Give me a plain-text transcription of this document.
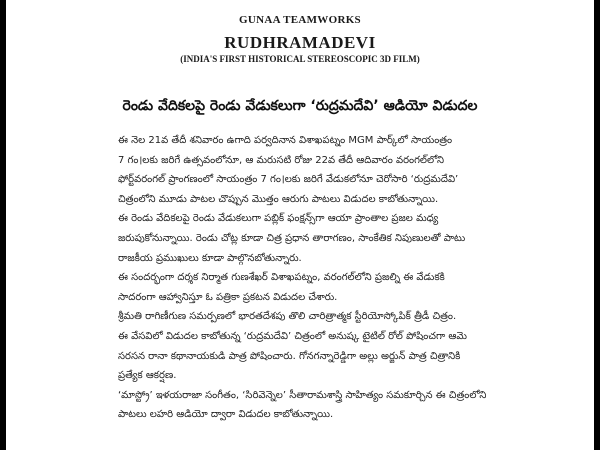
GUNAA TEAMWORKS
RUDHRAMADEVI
(INDIA'S FIRST HISTORICAL STEREOSCOPIC 3D FILM)
రెండు వేదికలపై రెండు వేడుకలుగా ‘రుద్రమదేవి’ ఆడియో విడుదల
ఈ నెల 21వ తేదీ శనివారం ఉగాది పర్వదినాన విశాఖపట్నం MGM పార్క్‌లో సాయంత్రం
7 గం।లకు జరిగే ఉత్సవంలోనూ, ఆ మరుసటి రోజు 22వ తేదీ ఆదివారం వరంగల్‌లోని
ఫోర్ట్‌వరంగల్ ప్రాంగణంలో సాయంత్రం 7 గం।లకు జరిగే వేడుకలోనూ చెరోసారి ‘రుద్రమదేవి’
చిత్రంలోని మూడు పాటల చొప్పున మొత్తం ఆరుగు పాటలు విడుదల కాబోతున్నాయి.
ఈ రెండు వేదికలపై రెండు వేడుకలుగా పబ్లిక్ ఫంక్షన్స్‌గా ఆయా ప్రాంతాల ప్రజల మధ్య
జరుపుకోనున్నాయి. రెండు చోట్ల కూడా చిత్ర ప్రధాన తారాగణం, సాంకేతిక నిపుణులతో పాటు
రాజకీయ ప్రముఖులు కూడా పాల్గొనబోతున్నారు.
ఈ సందర్భంగా దర్శక నిర్మాత గుణశేఖర్ విశాఖపట్నం, వరంగల్‌లోని ప్రజల్ని ఈ వేడుకకి
సాదరంగా ఆహ్వానిస్తూ ఓ పత్రికా ప్రకటన విడుదల చేశారు.
శ్రీమతి రాగిణీగుణ సమర్పణలో భారతదేశపు తొలి చారిత్రాత్మక స్టీరియోస్కోపిక్ త్రీడీ చిత్రం.
ఈ వేసవిలో విడుదల కాబోతున్న ‘రుద్రమదేవి’ చిత్రంలో అనుష్క టైటిల్ రోల్ పోషించగా ఆమె
సరసన రానా కథానాయకుడి పాత్ర పోషించారు. గోనగన్నారెడ్డిగా అల్లు అర్జున్ పాత్ర చిత్రానికి
ప్రత్యేక ఆకర్షణ.
‘మాస్ట్రో’ ఇళయరాజా సంగీతం, ‘సిరివెన్నెల’ సీతారామశాస్త్రి సాహిత్యం సమకూర్చిన ఈ చిత్రంలోని
పాటలు లహరి ఆడియో ద్వారా విడుదల కాబోతున్నాయి.
